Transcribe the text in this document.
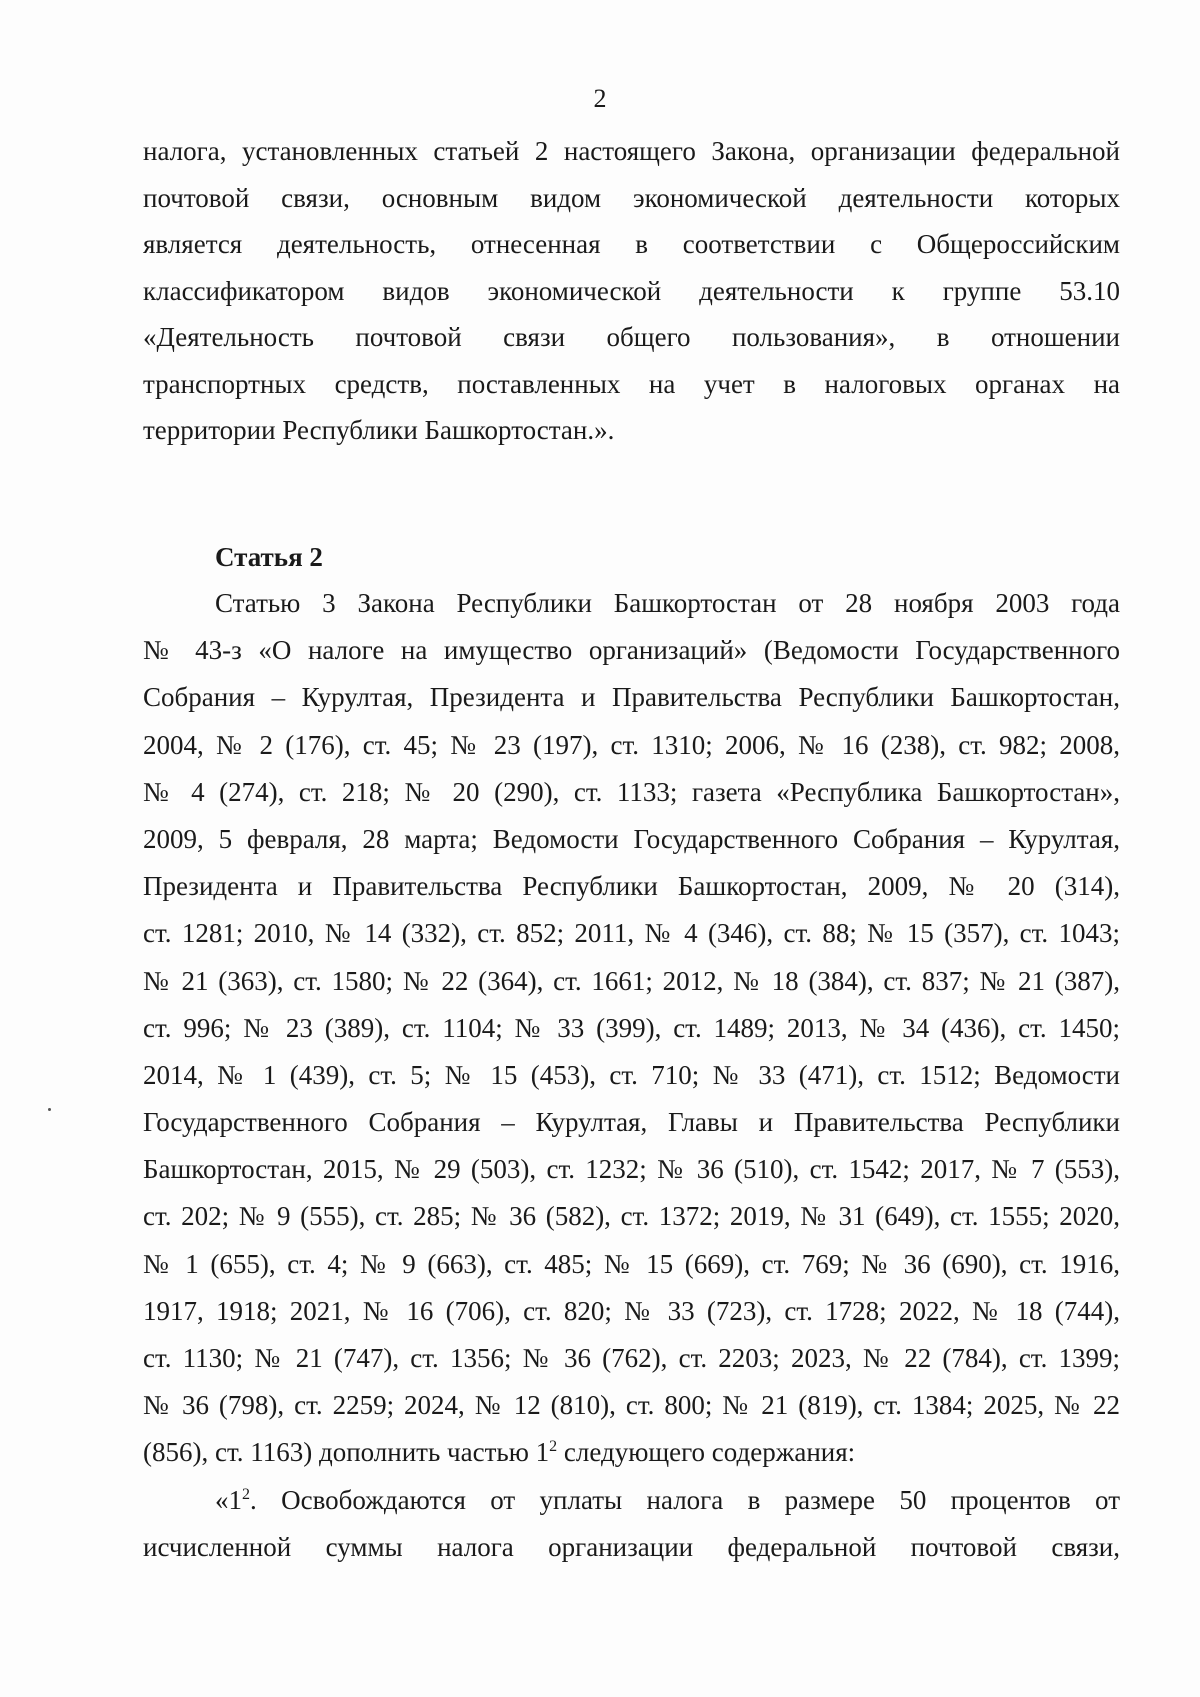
2
налога, установленных статьей 2 настоящего Закона, организации федеральной
почтовой связи, основным видом экономической деятельности которых
является деятельность, отнесенная в соответствии с Общероссийским
классификатором видов экономической деятельности к группе 53.10
«Деятельность почтовой связи общего пользования», в отношении
транспортных средств, поставленных на учет в налоговых органах на
территории Республики Башкортостан.».
Статья 2
Статью 3 Закона Республики Башкортостан от 28 ноября 2003 года
№ 43-з «О налоге на имущество организаций» (Ведомости Государственного
Собрания – Курултая, Президента и Правительства Республики Башкортостан,
2004, № 2 (176), ст. 45; № 23 (197), ст. 1310; 2006, № 16 (238), ст. 982; 2008,
№ 4 (274), ст. 218; № 20 (290), ст. 1133; газета «Республика Башкортостан»,
2009, 5 февраля, 28 марта; Ведомости Государственного Собрания – Курултая,
Президента и Правительства Республики Башкортостан, 2009, № 20 (314),
ст. 1281; 2010, № 14 (332), ст. 852; 2011, № 4 (346), ст. 88; № 15 (357), ст. 1043;
№ 21 (363), ст. 1580; № 22 (364), ст. 1661; 2012, № 18 (384), ст. 837; № 21 (387),
ст. 996; № 23 (389), ст. 1104; № 33 (399), ст. 1489; 2013, № 34 (436), ст. 1450;
2014, № 1 (439), ст. 5; № 15 (453), ст. 710; № 33 (471), ст. 1512; Ведомости
Государственного Собрания – Курултая, Главы и Правительства Республики
Башкортостан, 2015, № 29 (503), ст. 1232; № 36 (510), ст. 1542; 2017, № 7 (553),
ст. 202; № 9 (555), ст. 285; № 36 (582), ст. 1372; 2019, № 31 (649), ст. 1555; 2020,
№ 1 (655), ст. 4; № 9 (663), ст. 485; № 15 (669), ст. 769; № 36 (690), ст. 1916,
1917, 1918; 2021, № 16 (706), ст. 820; № 33 (723), ст. 1728; 2022, № 18 (744),
ст. 1130; № 21 (747), ст. 1356; № 36 (762), ст. 2203; 2023, № 22 (784), ст. 1399;
№ 36 (798), ст. 2259; 2024, № 12 (810), ст. 800; № 21 (819), ст. 1384; 2025, № 22
(856), ст. 1163) дополнить частью $1^2$ следующего содержания:
«$1^2$. Освобождаются от уплаты налога в размере 50 процентов от
исчисленной суммы налога организации федеральной почтовой связи,
